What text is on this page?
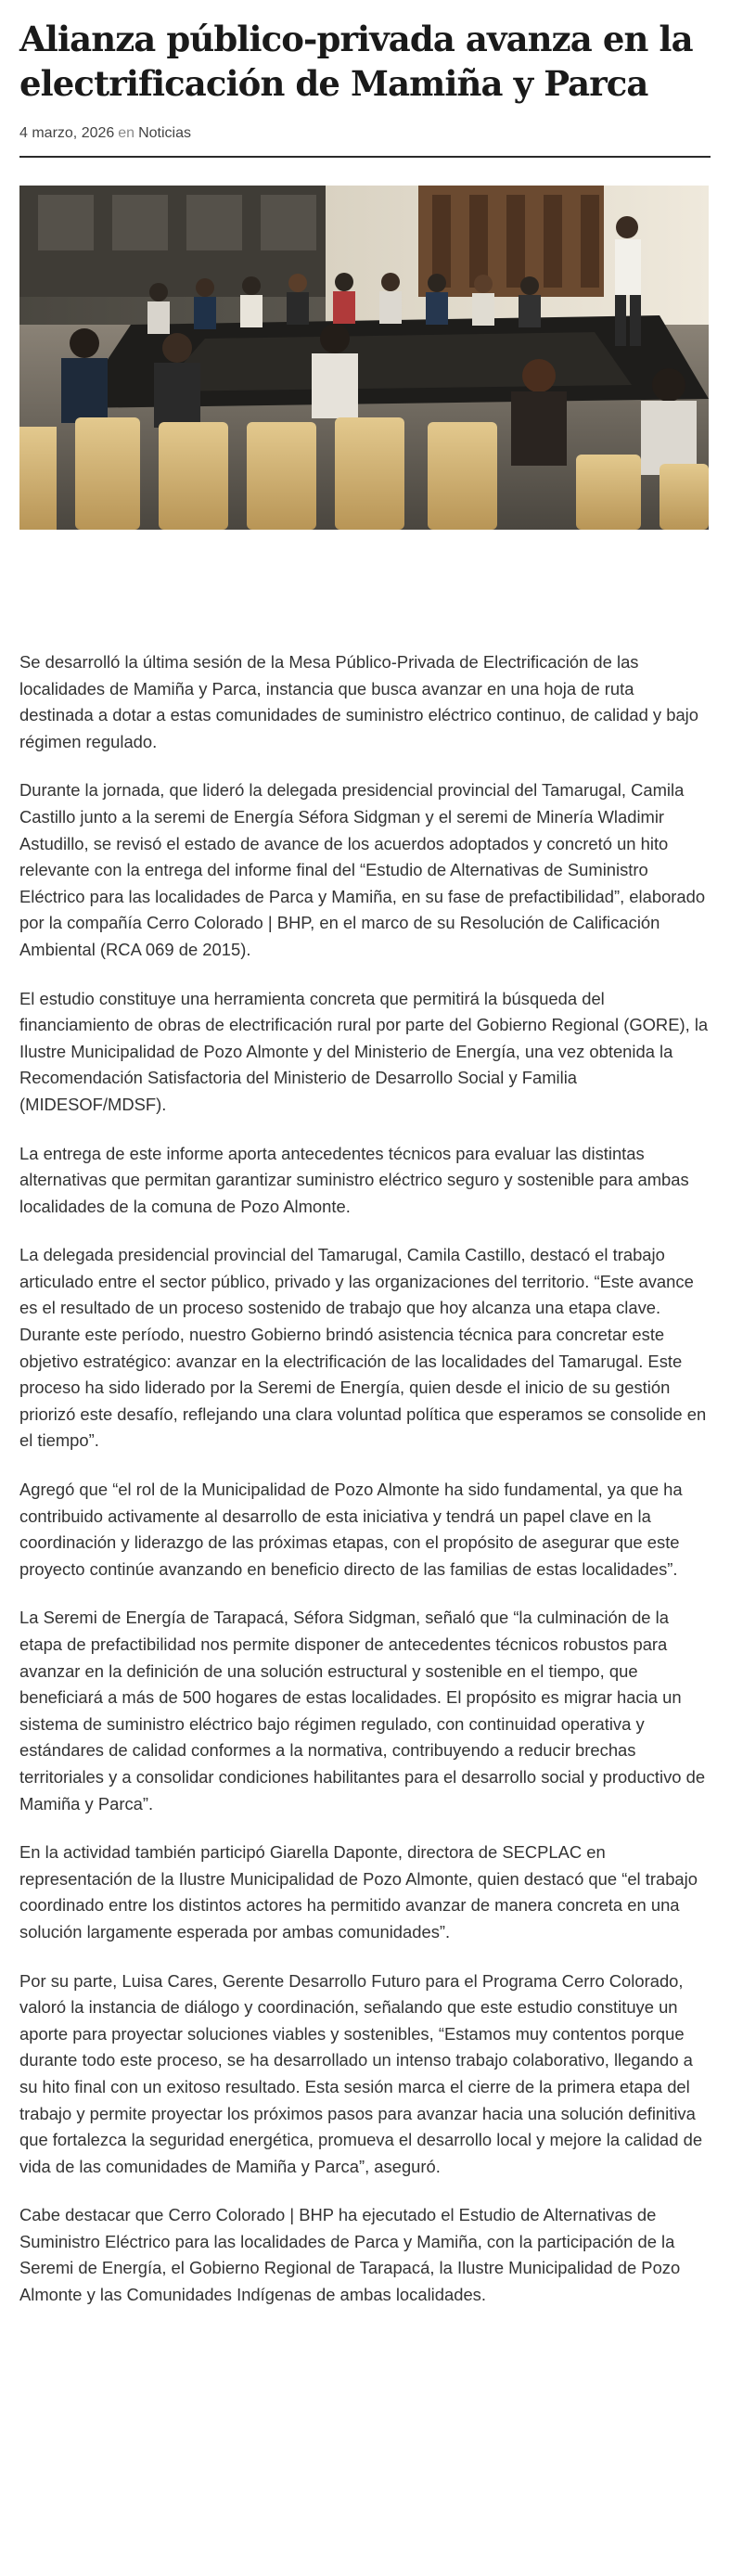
Alianza público-privada avanza en la electrificación de Mamiña y Parca
4 marzo, 2026 en Noticias

Se desarrolló la última sesión de la Mesa Público-Privada de Electrificación de las localidades de Mamiña y Parca, instancia que busca avanzar en una hoja de ruta destinada a dotar a estas comunidades de suministro eléctrico continuo, de calidad y bajo régimen regulado.

Durante la jornada, que lideró la delegada presidencial provincial del Tamarugal, Camila Castillo junto a la seremi de Energía Séfora Sidgman y el seremi de Minería Wladimir Astudillo, se revisó el estado de avance de los acuerdos adoptados y concretó un hito relevante con la entrega del informe final del “Estudio de Alternativas de Suministro Eléctrico para las localidades de Parca y Mamiña, en su fase de prefactibilidad”, elaborado por la compañía Cerro Colorado | BHP, en el marco de su Resolución de Calificación Ambiental (RCA 069 de 2015).

El estudio constituye una herramienta concreta que permitirá la búsqueda del financiamiento de obras de electrificación rural por parte del Gobierno Regional (GORE), la Ilustre Municipalidad de Pozo Almonte y del Ministerio de Energía, una vez obtenida la Recomendación Satisfactoria del Ministerio de Desarrollo Social y Familia (MIDESOF/MDSF).

La entrega de este informe aporta antecedentes técnicos para evaluar las distintas alternativas que permitan garantizar suministro eléctrico seguro y sostenible para ambas localidades de la comuna de Pozo Almonte.

La delegada presidencial provincial del Tamarugal, Camila Castillo, destacó el trabajo articulado entre el sector público, privado y las organizaciones del territorio. “Este avance es el resultado de un proceso sostenido de trabajo que hoy alcanza una etapa clave. Durante este período, nuestro Gobierno brindó asistencia técnica para concretar este objetivo estratégico: avanzar en la electrificación de las localidades del Tamarugal. Este proceso ha sido liderado por la Seremi de Energía, quien desde el inicio de su gestión priorizó este desafío, reflejando una clara voluntad política que esperamos se consolide en el tiempo”.

Agregó que “el rol de la Municipalidad de Pozo Almonte ha sido fundamental, ya que ha contribuido activamente al desarrollo de esta iniciativa y tendrá un papel clave en la coordinación y liderazgo de las próximas etapas, con el propósito de asegurar que este proyecto continúe avanzando en beneficio directo de las familias de estas localidades”.

La Seremi de Energía de Tarapacá, Séfora Sidgman, señaló que “la culminación de la etapa de prefactibilidad nos permite disponer de antecedentes técnicos robustos para avanzar en la definición de una solución estructural y sostenible en el tiempo, que beneficiará a más de 500 hogares de estas localidades. El propósito es migrar hacia un sistema de suministro eléctrico bajo régimen regulado, con continuidad operativa y estándares de calidad conformes a la normativa, contribuyendo a reducir brechas territoriales y a consolidar condiciones habilitantes para el desarrollo social y productivo de Mamiña y Parca”.

En la actividad también participó Giarella Daponte, directora de SECPLAC en representación de la Ilustre Municipalidad de Pozo Almonte, quien destacó que “el trabajo coordinado entre los distintos actores ha permitido avanzar de manera concreta en una solución largamente esperada por ambas comunidades”.

Por su parte, Luisa Cares, Gerente Desarrollo Futuro para el Programa Cerro Colorado, valoró la instancia de diálogo y coordinación, señalando que este estudio constituye un aporte para proyectar soluciones viables y sostenibles, “Estamos muy contentos porque durante todo este proceso, se ha desarrollado un intenso trabajo colaborativo, llegando a su hito final con un exitoso resultado. Esta sesión marca el cierre de la primera etapa del trabajo y permite proyectar los próximos pasos para avanzar hacia una solución definitiva que fortalezca la seguridad energética, promueva el desarrollo local y mejore la calidad de vida de las comunidades de Mamiña y Parca”, aseguró.

Cabe destacar que Cerro Colorado | BHP ha ejecutado el Estudio de Alternativas de Suministro Eléctrico para las localidades de Parca y Mamiña, con la participación de la Seremi de Energía, el Gobierno Regional de Tarapacá, la Ilustre Municipalidad de Pozo Almonte y las Comunidades Indígenas de ambas localidades.
